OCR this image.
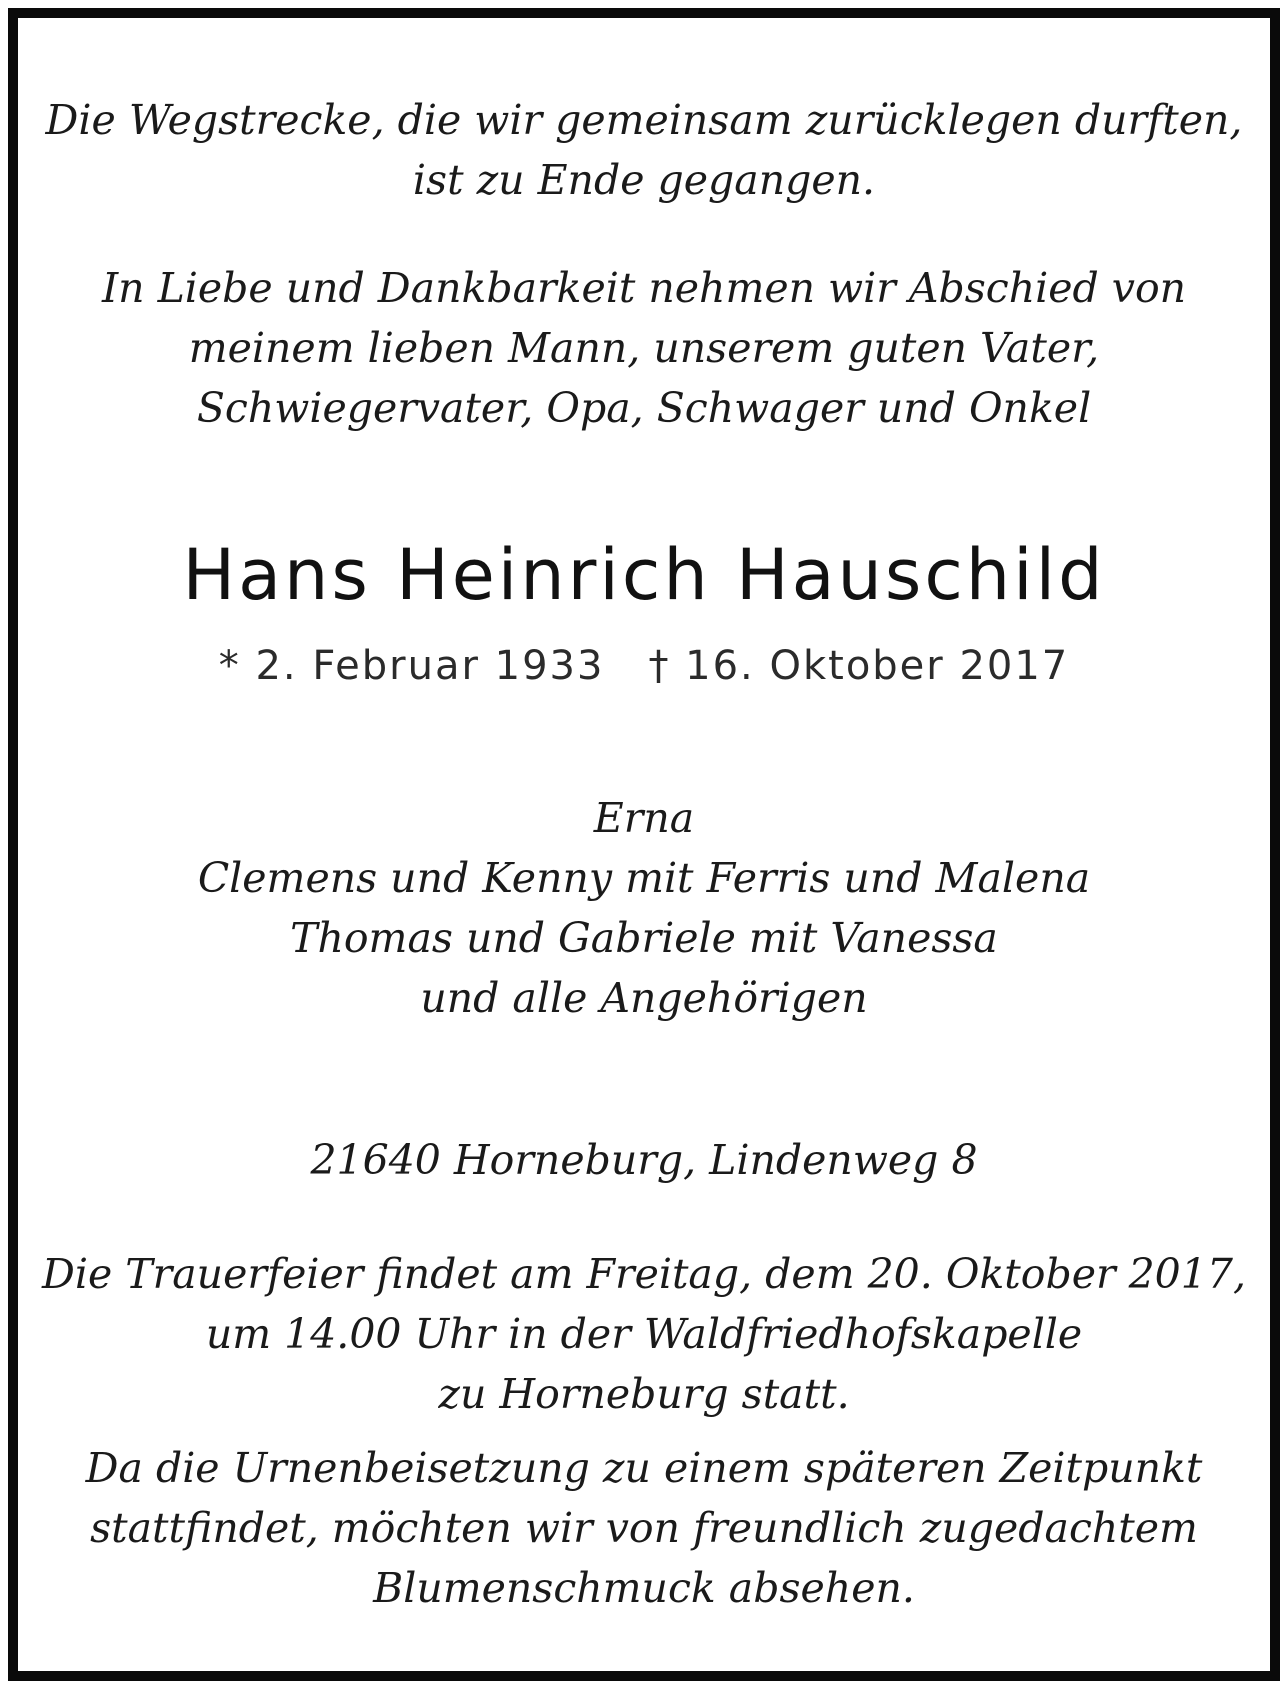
Die Wegstrecke, die wir gemeinsam zurücklegen durften,
ist zu Ende gegangen.
In Liebe und Dankbarkeit nehmen wir Abschied von
meinem lieben Mann, unserem guten Vater,
Schwiegervater, Opa, Schwager und Onkel
Hans Heinrich Hauschild
* 2. Februar 1933 † 16. Oktober 2017
Erna
Clemens und Kenny mit Ferris und Malena
Thomas und Gabriele mit Vanessa
und alle Angehörigen
21640 Horneburg, Lindenweg 8
Die Trauerfeier findet am Freitag, dem 20. Oktober 2017,
um 14.00 Uhr in der Waldfriedhofskapelle
zu Horneburg statt.
Da die Urnenbeisetzung zu einem späteren Zeitpunkt
stattfindet, möchten wir von freundlich zugedachtem
Blumenschmuck absehen.
